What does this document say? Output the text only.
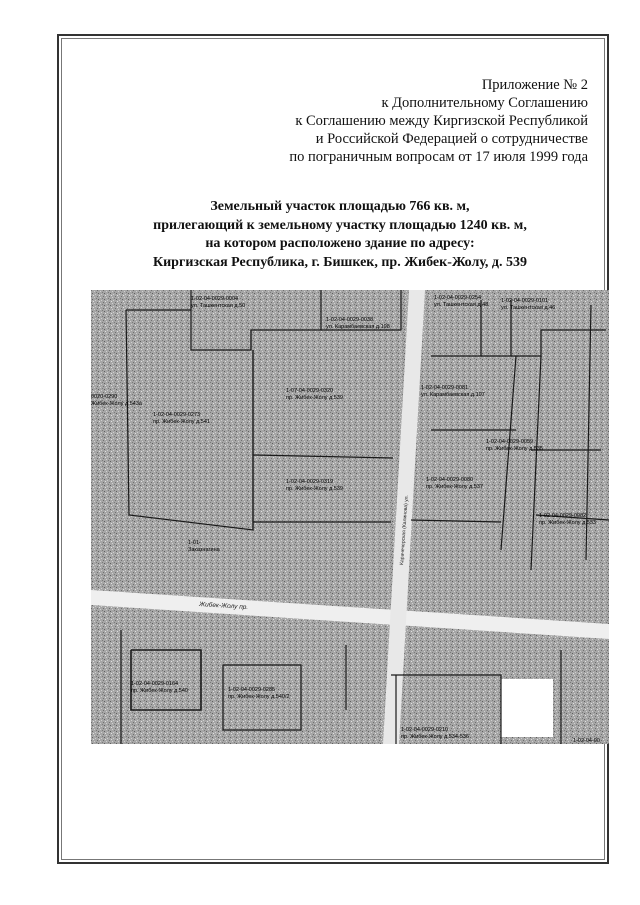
Приложение № 2
к Дополнительному Соглашению
к Соглашению между Киргизской Республикой
и Российской Федерацией о сотрудничестве
по пограничным вопросам от 17 июля 1999 года
Земельный участок площадью 766 кв. м,
прилегающий к земельному участку площадью 1240 кв. м,
на котором расположено здание по адресу:
Киргизская Республика, г. Бишкек, пр. Жибек-Жолу, д. 539
1-02-04-0029-0004
ул. Ташкентская д.50
1-02-04-0029-0038
ул. Карамбаевская д.108
1-02-04-0029-0254
ул. Ташкентская д.48
1-02-04-0029-0101
ул. Ташкентская д.46
0020-0290
Жибек-Жолу д.543а
1-02-04-0029-0273
пр. Жибек-Жолу д.541
1-07-04-0029-0320
пр. Жибек-Жолу д.539
1-02-04-0029-0081
ул. Карамбаевская д.107
1-02-04-0029-0059
пр. Жибек-Жолу д.535
1-02-04-0029-0319
пр. Жибек-Жолу д.539
1-02-04-0029-0080
пр. Жибек-Жолу д.537
1-02-04-0029-0082
пр. Жибек-Жолу д.533
1-01-
Заказнагина
1-02-04-0029-0164
пр. Жибек-Жолу д.540	1-02-04-0029-0285
пр. Жибек-Жолу д.540/2
1-02-04-0029-0210
пр. Жибек-Жолу д.534-536
1-02-04-00
Жибек-Жолу пр.
Карачечерская (Калинова) ул.
